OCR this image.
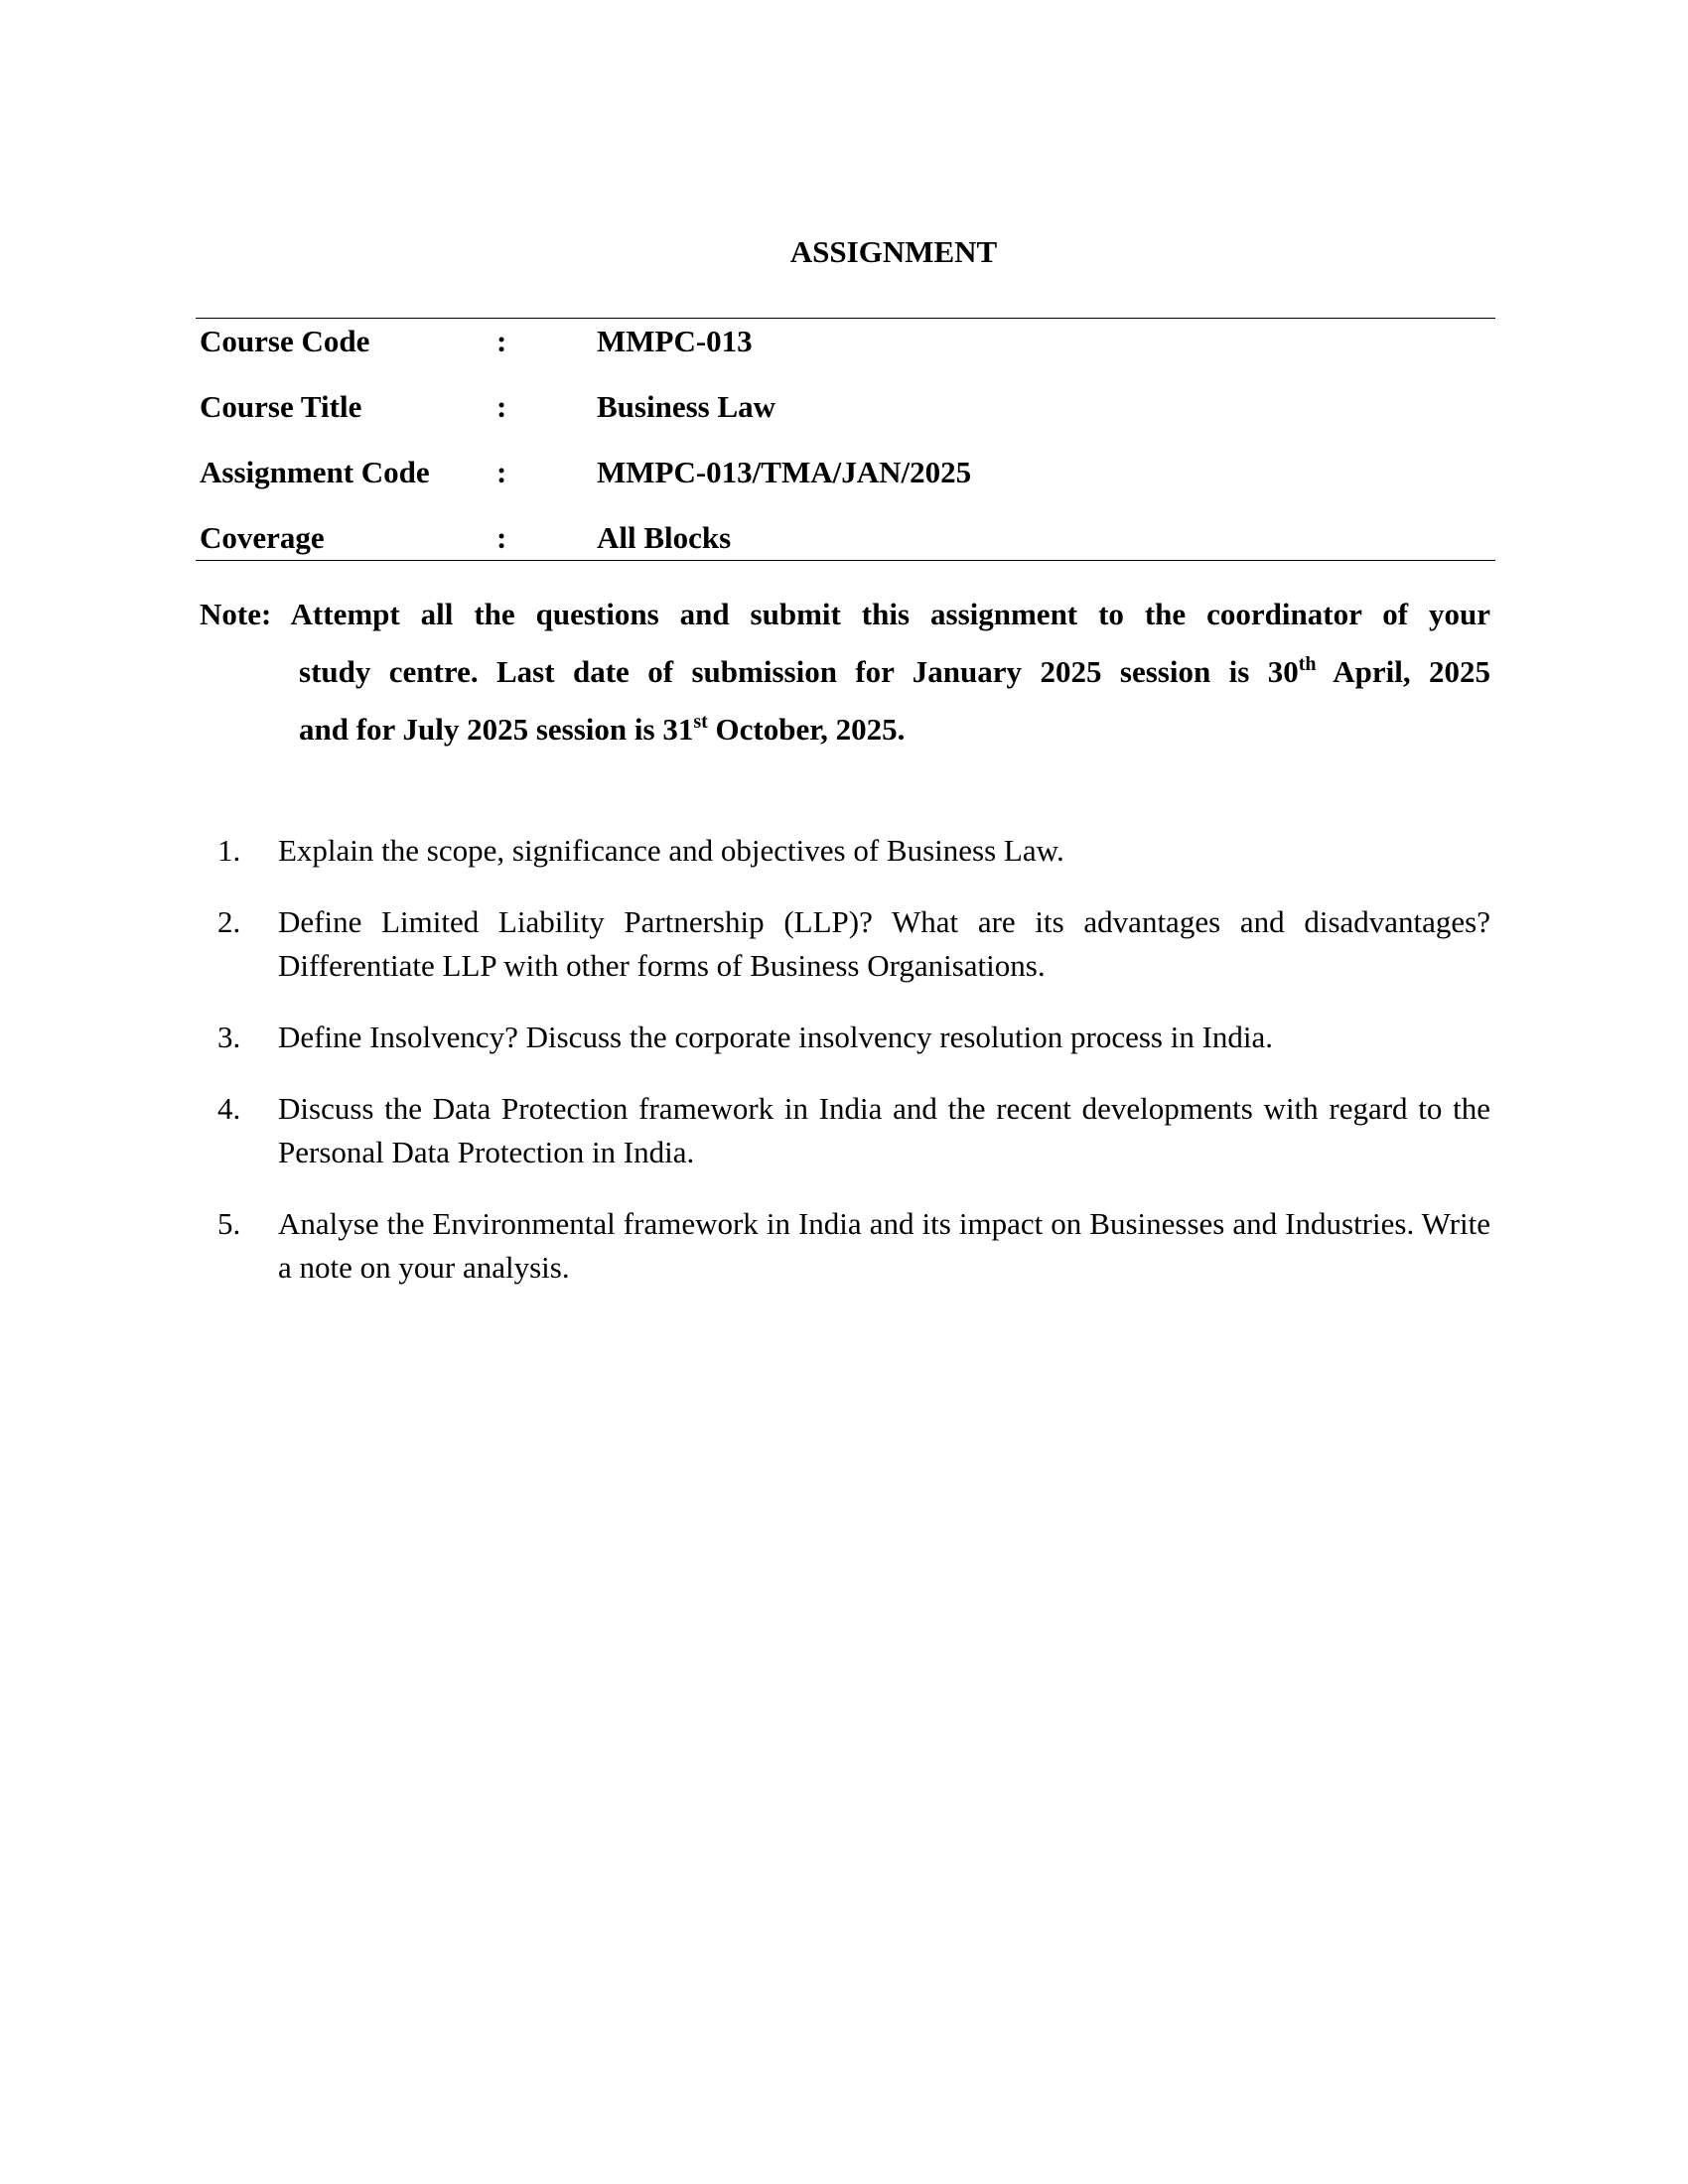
ASSIGNMENT
Course Code	:	MMPC-013
Course Title	:	Business Law
Assignment Code :	MMPC-013/TMA/JAN/2025
Coverage	:	All Blocks
Note: Attempt all the questions and submit this assignment to the coordinator of your
study centre. Last date of submission for January 2025 session is 30th April, 2025
and for July 2025 session is 31st October, 2025.
1. Explain the scope, significance and objectives of Business Law.
2. Define Limited Liability Partnership (LLP)? What are its advantages and disadvantages? Differentiate LLP with other forms of Business Organisations.
3. Define Insolvency? Discuss the corporate insolvency resolution process in India.
4. Discuss the Data Protection framework in India and the recent developments with regard to the Personal Data Protection in India.
5. Analyse the Environmental framework in India and its impact on Businesses and Industries. Write a note on your analysis.
